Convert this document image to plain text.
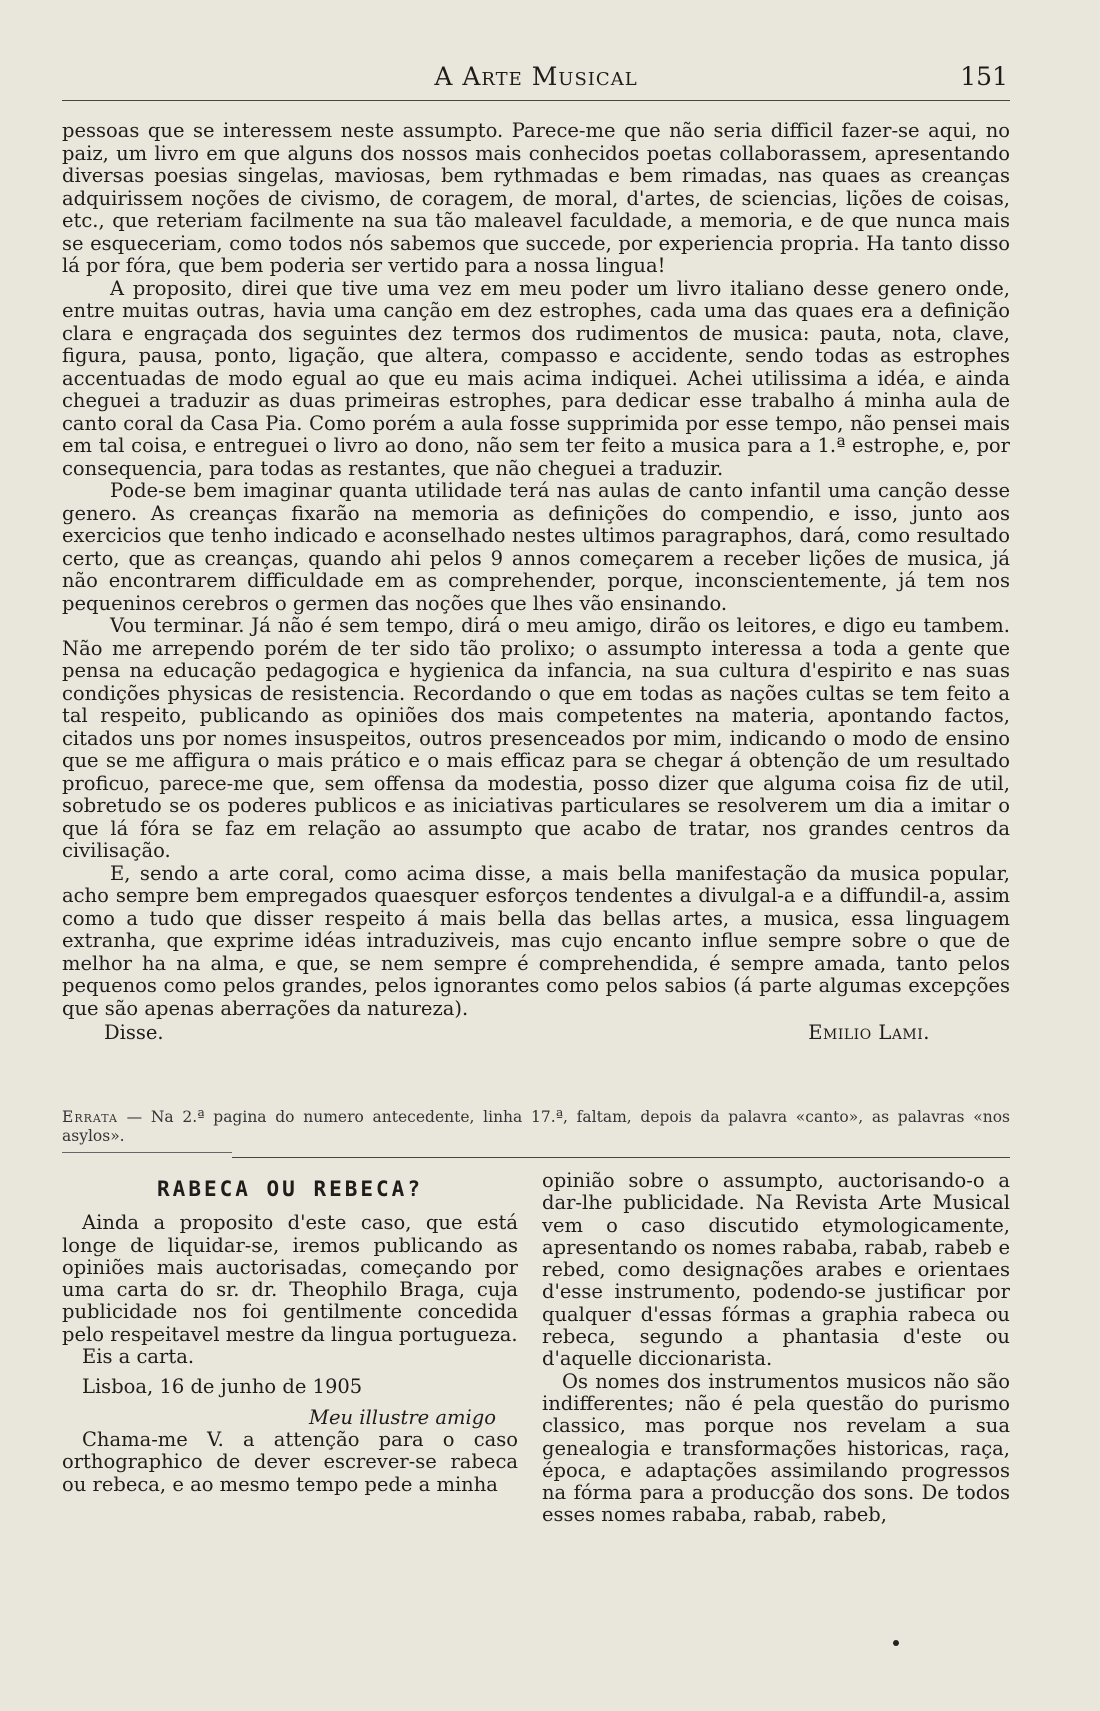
A Arte Musical	151

pessoas que se interessem neste assumpto. Parece-me que não seria difficil fazer-se aqui, no paiz, um livro em que alguns dos nossos mais conhecidos poetas collaborassem, apresentando diversas poesias singelas, maviosas, bem rythmadas e bem rimadas, nas quaes as creanças adquirissem noções de civismo, de coragem, de moral, d'artes, de sciencias, lições de coisas, etc., que reteriam facilmente na sua tão maleavel faculdade, a memoria, e de que nunca mais se esqueceriam, como todos nós sabemos que succede, por experiencia propria. Ha tanto disso lá por fóra, que bem poderia ser vertido para a nossa lingua!

A proposito, direi que tive uma vez em meu poder um livro italiano desse genero onde, entre muitas outras, havia uma canção em dez estrophes, cada uma das quaes era a definição clara e engraçada dos seguintes dez termos dos rudimentos de musica: pauta, nota, clave, figura, pausa, ponto, ligação, que altera, compasso e accidente, sendo todas as estrophes accentuadas de modo egual ao que eu mais acima indiquei. Achei utilissima a idéa, e ainda cheguei a traduzir as duas primeiras estrophes, para dedicar esse trabalho á minha aula de canto coral da Casa Pia. Como porém a aula fosse supprimida por esse tempo, não pensei mais em tal coisa, e entreguei o livro ao dono, não sem ter feito a musica para a 1.ª estrophe, e, por consequencia, para todas as restantes, que não cheguei a traduzir.

Pode-se bem imaginar quanta utilidade terá nas aulas de canto infantil uma canção desse genero. As creanças fixarão na memoria as definições do compendio, e isso, junto aos exercicios que tenho indicado e aconselhado nestes ultimos paragraphos, dará, como resultado certo, que as creanças, quando ahi pelos 9 annos começarem a receber lições de musica, já não encontrarem difficuldade em as comprehender, porque, inconscientemente, já tem nos pequeninos cerebros o germen das noções que lhes vão ensinando.

Vou terminar. Já não é sem tempo, dirá o meu amigo, dirão os leitores, e digo eu tambem. Não me arrependo porém de ter sido tão prolixo; o assumpto interessa a toda a gente que pensa na educação pedagogica e hygienica da infancia, na sua cultura d'espirito e nas suas condições physicas de resistencia. Recordando o que em todas as nações cultas se tem feito a tal respeito, publicando as opiniões dos mais competentes na materia, apontando factos, citados uns por nomes insuspeitos, outros presenceados por mim, indicando o modo de ensino que se me affigura o mais prático e o mais efficaz para se chegar á obtenção de um resultado proficuo, parece-me que, sem offensa da modestia, posso dizer que alguma coisa fiz de util, sobretudo se os poderes publicos e as iniciativas particulares se resolverem um dia a imitar o que lá fóra se faz em relação ao assumpto que acabo de tratar, nos grandes centros da civilisação.

E, sendo a arte coral, como acima disse, a mais bella manifestação da musica popular, acho sempre bem empregados quaesquer esforços tendentes a divulgal-a e a diffundil-a, assim como a tudo que disser respeito á mais bella das bellas artes, a musica, essa linguagem extranha, que exprime idéas intraduziveis, mas cujo encanto influe sempre sobre o que de melhor ha na alma, e que, se nem sempre é comprehendida, é sempre amada, tanto pelos pequenos como pelos grandes, pelos ignorantes como pelos sabios (á parte algumas excepções que são apenas aberrações da natureza).

Disse.	Emilio Lami.
Errata — Na 2.ª pagina do numero antecedente, linha 17.ª, faltam, depois da palavra «canto», as palavras «nos asylos».
RABECA OU REBECA?

Ainda a proposito d'este caso, que está longe de liquidar-se, iremos publicando as opiniões mais auctorisadas, começando por uma carta do sr. dr. Theophilo Braga, cuja publicidade nos foi gentilmente concedida pelo respeitavel mestre da lingua portugueza.

Eis a carta.

Lisboa, 16 de junho de 1905

Meu illustre amigo

Chama-me V. a attenção para o caso orthographico de dever escrever-se rabeca ou rebeca, e ao mesmo tempo pede a minha

opinião sobre o assumpto, auctorisando-o a dar-lhe publicidade. Na Revista Arte Musical vem o caso discutido etymologicamente, apresentando os nomes rababa, rabab, rabeb e rebed, como designações arabes e orientaes d'esse instrumento, podendo-se justificar por qualquer d'essas fórmas a graphia rabeca ou rebeca, segundo a phantasia d'este ou d'aquelle diccionarista.

Os nomes dos instrumentos musicos não são indifferentes; não é pela questão do purismo classico, mas porque nos revelam a sua genealogia e transformações historicas, raça, época, e adaptações assimilando progressos na fórma para a producção dos sons. De todos esses nomes rababa, rabab, rabeb,
